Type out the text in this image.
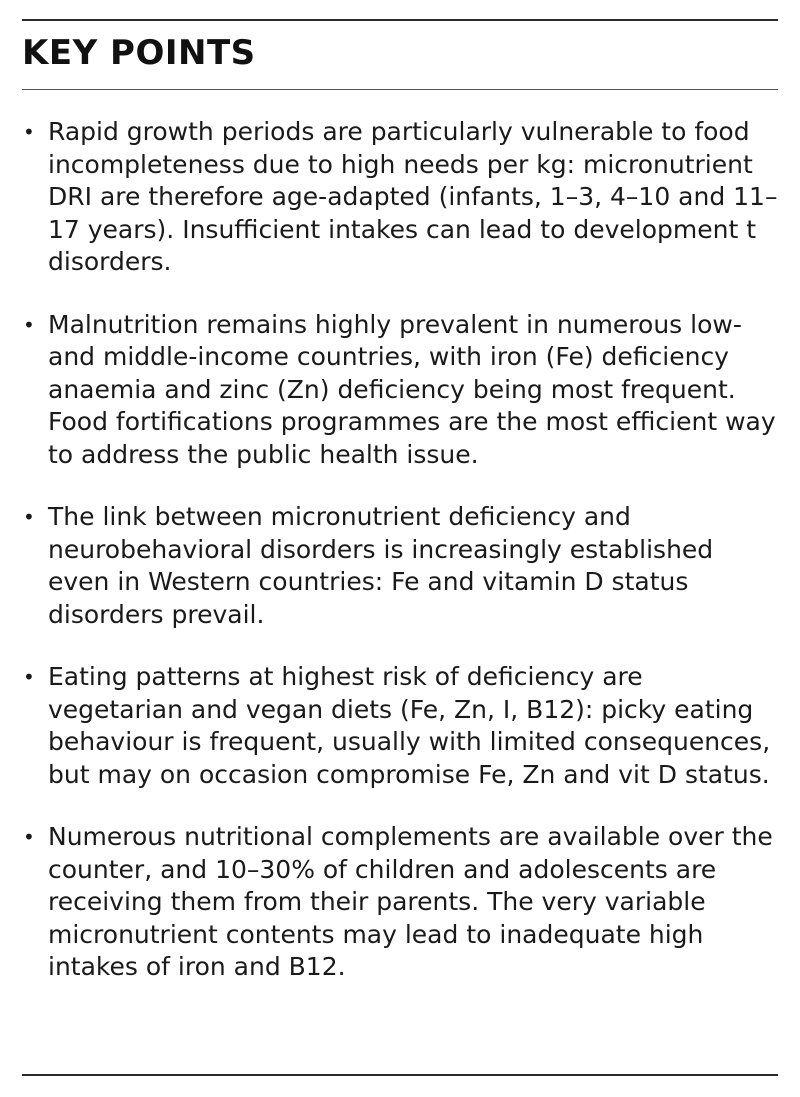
KEY POINTS
• Rapid growth periods are particularly vulnerable to food incompleteness due to high needs per kg: micronutrient DRI are therefore age-adapted (infants, 1–3, 4–10 and 11–17 years). Insufficient intakes can lead to development t disorders.
• Malnutrition remains highly prevalent in numerous low- and middle-income countries, with iron (Fe) deficiency anaemia and zinc (Zn) deficiency being most frequent. Food fortifications programmes are the most efficient way to address the public health issue.
• The link between micronutrient deficiency and neurobehavioral disorders is increasingly established even in Western countries: Fe and vitamin D status disorders prevail.
• Eating patterns at highest risk of deficiency are vegetarian and vegan diets (Fe, Zn, I, B12): picky eating behaviour is frequent, usually with limited consequences, but may on occasion compromise Fe, Zn and vit D status.
• Numerous nutritional complements are available over the counter, and 10–30% of children and adolescents are receiving them from their parents. The very variable micronutrient contents may lead to inadequate high intakes of iron and B12.
